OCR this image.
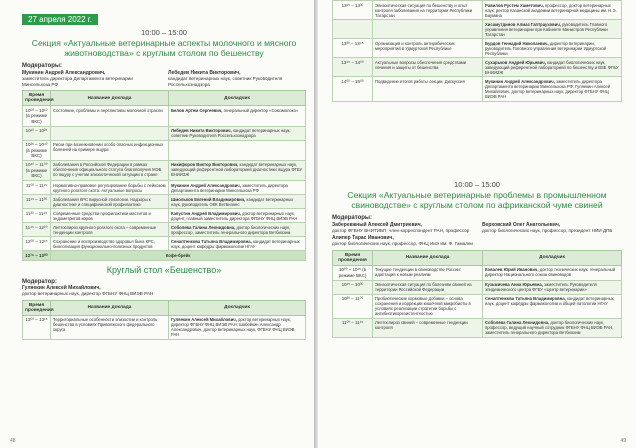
27 апреля 2022 г.
10:00 – 15:00
Секция «Актуальные ветеринарные аспекты молочного и мясного животноводства» с круглым столом по бешенству
Модераторы:
Мукинин Андрей Александрович,
заместитель директора Департамента ветеринарии Минсельхоза РФ
Лебедев Никита Викторович,
кандидат ветеринарных наук, советник Руководителя Россельхознадзора
Время проведения	Название доклада	Докладчик
10⁰⁰ – 10¹⁰ (в режиме ВКС)	Состояние, проблемы и перспективы молочной отрасли	Белов Артем Сергеевич, генеральный директор «Союзмолоко»
10¹⁰ – 10²⁵		Лебедев Никита Викторович, кандидат ветеринарных наук, советник Руководителя Россельхознадзора
10²⁵ – 10⁴⁰ (в режиме ВКС)	Риски при возникновении особо опасных инфекционных болезней на примере ящура	
10⁴⁰ – 11⁰⁰ (в режиме ВКС)	Заболевания в Российской Федерации в рамках обеспечения официального статуса благополучия МЭБ по ящуру с учетом эпизоотической ситуации в стране	Никифоров Виктор Викторович, кандидат ветеринарных наук, заведующий референтной лабораторией диагностики ящура ФГБУ ВНИИЗЖ
11⁰⁰ – 11¹⁵	Нормативно-правовое регулирование борьбы с лейкозом крупного рогатого скота. Актуальные вопросы	Мукинин Андрей Александрович, заместитель директора Департамента ветеринарии Минсельхоза РФ
11¹⁵ – 11³⁰	Заболевания КРС вирусной этиологии. Надзоры к диагностике и специфической профилактике	Шмольков Евгений Владимирович, кандидат ветеринарных наук, руководитель ОКК ВетБизнес
11³⁰ – 11⁴⁵	Современные средства профилактики маститов и эндометритов коров	Капустин Андрей Владимирович, доктор ветеринарных наук, доцент, главный заместитель директора ФГБНУ ФНЦ ВИЭВ РАН
11⁴⁵ – 12⁰⁰	Лептоспироз крупного рогатого скота – современные тенденции контроля	Соболева Галина Леонидовна, доктор биологических наук, профессор, заместитель генерального директора Ветбиохим
12⁰⁰ – 12¹⁵	Сохранение и воспроизводство здоровья быка КРС, биологизация функционально-полезных продуктов	Сенаптенкова Татьяна Владимировна, кандидат ветеринарных наук, доцент кафедры фармакологии НГАУ
12¹⁵ – 13⁰⁰	Кофе-брейк	
Круглый стол «Бешенство»
Модератор:
Гуляекин Алексей Михайлович,
доктор ветеринарных наук, директор ФГБНУ ФНЦ ВИЭВ РАН
Время проведения	Название доклада	Докладчик
13⁰⁰ – 13¹⁵	Территориальные особенности эпизоотии и контроль бешенства в условиях Приволжского федерального округа	Гуляекин Алексей Михайлович, доктор ветеринарных наук, директор ФГБНУ ФНЦ ВИЭВ РАН; Шабейкин Александр Александрович, доктор ветеринарных наук, ФГБНУ ФНЦ ВИЭВ РАН
48
13¹⁵ – 13³⁰	Эпизоотическая ситуация по бешенству и опыт контроля заболевания на территории Республики Татарстан	Равилов Рустем Хаметович, профессор, доктор ветеринарных наук, ректор Казанской академии ветеринарной медицины им. Н.Э. Баумана
		Хисамутдинов Алмаз Гаптраухович, руководитель Главного управления ветеринарии при Кабинете Министров Республики Татарстан
13³⁰ – 13⁴⁵	Организация и контроль антирабических мероприятий в Удмуртской Республике	Бурдов Геннадий Николаевич, директор ветеринарии, руководитель Головного управления ветеринарии Удмуртской Республики
13⁴⁵ – 14⁰⁰	Актуальные вопросы обеспечения средствами лечения и защиты от бешенства	Сухарьков Андрей Юрьевич, кандидат биологических наук, заведующий референтной лабораторией по бешенству и BSE ФГБУ ВНИИЗЖ
14⁰⁰ – 15⁰⁰	Подведение итогов работы секции. Дискуссия	Мукинин Андрей Александрович, заместитель директора Департамента ветеринарии Минсельхоза РФ; Гуляекин Алексей Михайлович, доктор ветеринарных наук, директор ФГБНУ ФНЦ ВИЭВ РАН
10:00 – 15:00
Секция «Актуальные ветеринарные проблемы в промышленном свиноводстве» с круглым столом по африканской чуме свиней
Модераторы:
Заберевжный Алексей Дмитриевич,
доктор ФГБНУ ВНИТИБП, член-корреспондент РАН, профессор
Верховский Олег Анатольевич,
доктор биологических наук, профессор, президент НИИ ДПБ
Алипер Тарас Иванович,
доктор биологических наук, профессор, ФНЦ ИиЭ им. Ф. Гамалеи
Время проведения	Название доклада	Докладчик
10⁰⁰ – 10¹⁵ (в режиме ВКС)	Текущие тенденции в свиноводстве России: адаптация к новым реалиям	Ковалев Юрий Иванович, доктор технических наук, генеральный директор Национального союза свиноводов
10¹⁵ – 10³⁰	Эпизоотическая ситуация по болезням свиней на территории Российской Федерации	Кузьмичева Анна Юрьевна, заместитель Руководителя эпидемического центра ФГБУ «Центр ветеринарии»
10³⁰ – 11⁰⁰	Пробиотические кормовые добавки – основа сохранения и коррекции кишечной микробиоты в условиях реализации стратегии борьбы с антибиотикорезистентностью	Сенаптенкова Татьяна Владимировна, кандидат ветеринарных наук, доцент кафедры фармакологии и общей патологии НГАУ
11⁰⁰ – 11¹⁵	Лептоспироз свиней – современные тенденции контроля	Соболева Галина Леонидовна, доктор биологических наук, профессор, ведущий научный сотрудник ФГБНУ ФНЦ ВИЭВ РАН, заместитель генерального директора Ветбиохим
49
